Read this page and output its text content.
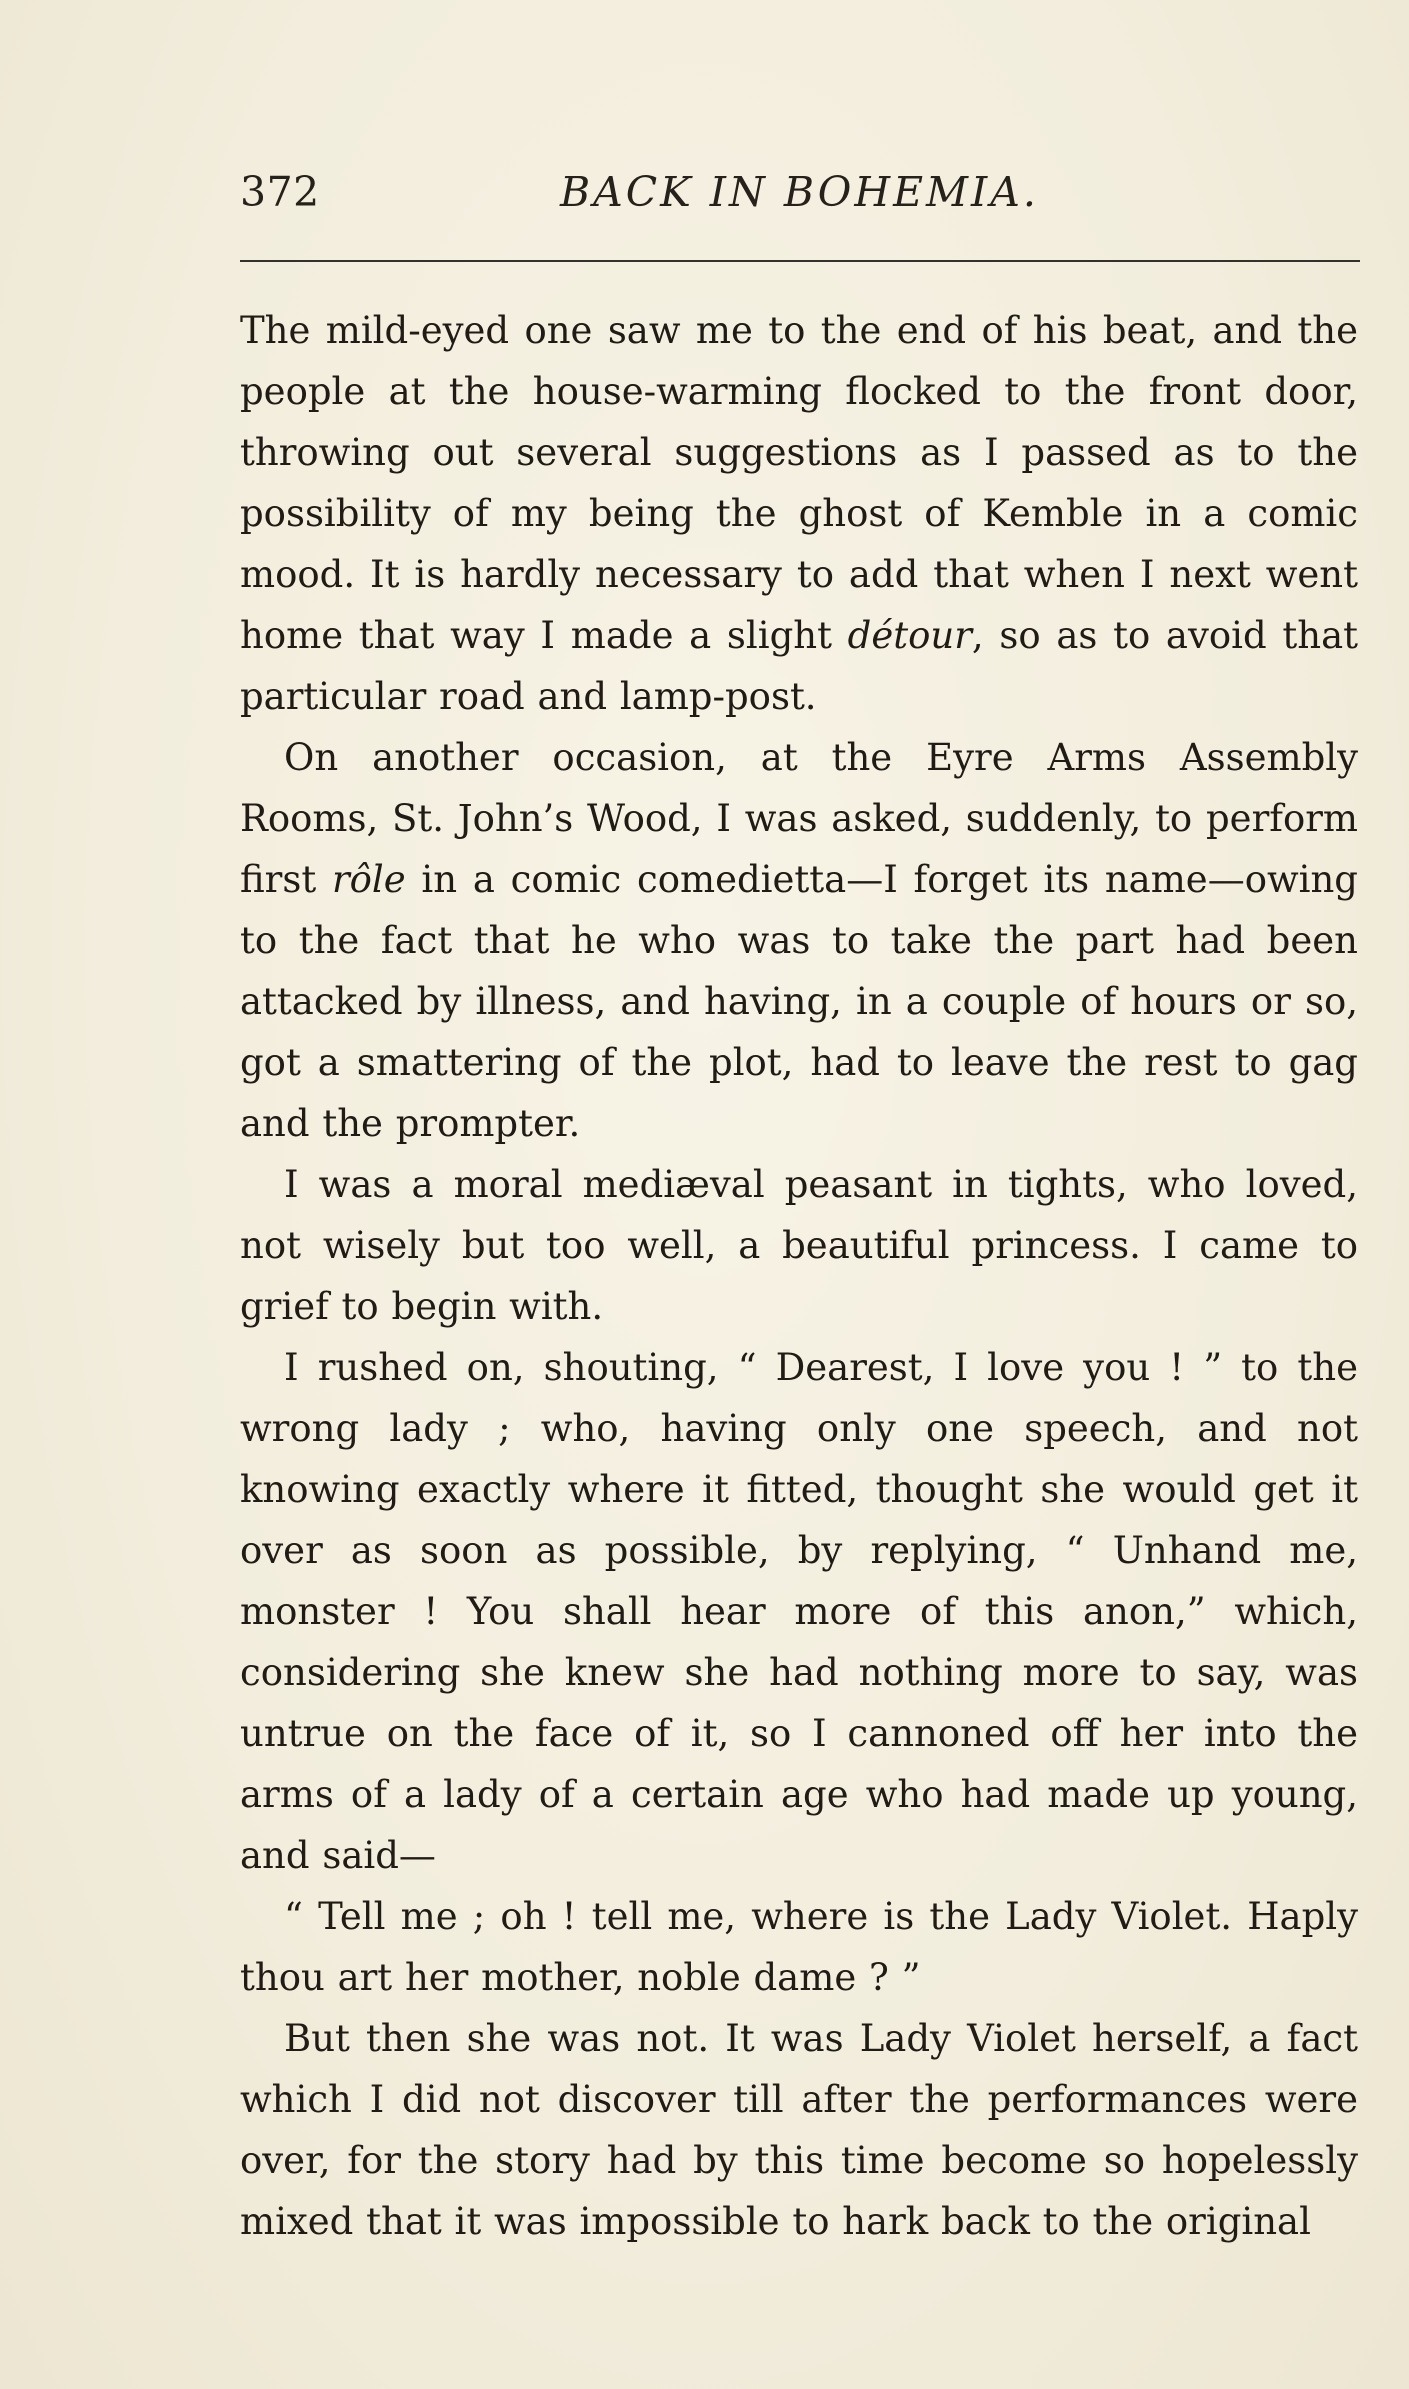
372	BACK IN BOHEMIA.

The mild-eyed one saw me to the end of his beat, and the people at the house-warming flocked to the front door, throwing out several suggestions as I passed as to the possibility of my being the ghost of Kemble in a comic mood. It is hardly necessary to add that when I next went home that way I made a slight détour, so as to avoid that particular road and lamp-post.

On another occasion, at the Eyre Arms Assembly Rooms, St. John’s Wood, I was asked, suddenly, to perform first rôle in a comic comedietta—I forget its name—owing to the fact that he who was to take the part had been attacked by illness, and having, in a couple of hours or so, got a smattering of the plot, had to leave the rest to gag and the prompter.

I was a moral mediæval peasant in tights, who loved, not wisely but too well, a beautiful princess. I came to grief to begin with.

I rushed on, shouting, “ Dearest, I love you ! ” to the wrong lady ; who, having only one speech, and not knowing exactly where it fitted, thought she would get it over as soon as possible, by replying, “ Unhand me, monster ! You shall hear more of this anon,” which, considering she knew she had nothing more to say, was untrue on the face of it, so I cannoned off her into the arms of a lady of a certain age who had made up young, and said—

“ Tell me ; oh ! tell me, where is the Lady Violet. Haply thou art her mother, noble dame ? ”

But then she was not. It was Lady Violet herself, a fact which I did not discover till after the performances were over, for the story had by this time become so hopelessly mixed that it was impossible to hark back to the original
